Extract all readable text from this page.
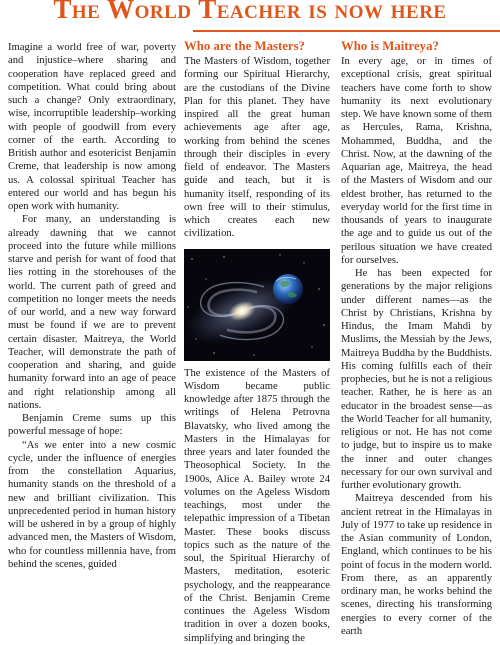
The World Teacher is now here

Imagine a world free of war, poverty and injustice–where sharing and cooperation have replaced greed and competition. What could bring about such a change? Only extraordinary, wise, incorruptible leadership–working with people of goodwill from every corner of the earth. According to British author and esotericist Benjamin Creme, that leadership is now among us. A colossal spiritual Teacher has entered our world and has begun his open work with humanity.

For many, an understanding is already dawning that we cannot proceed into the future while millions starve and perish for want of food that lies rotting in the storehouses of the world. The current path of greed and competition no longer meets the needs of our world, and a new way forward must be found if we are to prevent certain disaster. Maitreya, the World Teacher, will demonstrate the path of cooperation and sharing, and guide humanity forward into an age of peace and right relationship among all nations.

Benjamin Creme sums up this powerful message of hope:

“As we enter into a new cosmic cycle, under the influence of energies from the constellation Aquarius, humanity stands on the threshold of a new and brilliant civilization. This unprecedented period in human history will be ushered in by a group of highly advanced men, the Masters of Wisdom, who for countless millennia have, from behind the scenes, guided

Who are the Masters?

The Masters of Wisdom, together forming our Spiritual Hierarchy, are the custodians of the Divine Plan for this planet. They have inspired all the great human achievements age after age, working from behind the scenes through their disciples in every field of endeavor. The Masters guide and teach, but it is humanity itself, responding of its own free will to their stimulus, which creates each new civilization.

The existence of the Masters of Wisdom became public knowledge after 1875 through the writings of Helena Petrovna Blavatsky, who lived among the Masters in the Himalayas for three years and later founded the Theosophical Society. In the 1900s, Alice A. Bailey wrote 24 volumes on the Ageless Wisdom teachings, most under the telepathic impression of a Tibetan Master. These books discuss topics such as the nature of the soul, the Spiritual Hierarchy of Masters, meditation, esoteric psychology, and the reappearance of the Christ. Benjamin Creme continues the Ageless Wisdom tradition in over a dozen books, simplifying and bringing the

Who is Maitreya?

In every age, or in times of exceptional crisis, great spiritual teachers have come forth to show humanity its next evolutionary step. We have known some of them as Hercules, Rama, Krishna, Mohammed, Buddha, and the Christ. Now, at the dawning of the Aquarian age, Maitreya, the head of the Masters of Wisdom and our eldest brother, has returned to the everyday world for the first time in thousands of years to inaugurate the age and to guide us out of the perilous situation we have created for ourselves.

He has been expected for generations by the major religions under different names—as the Christ by Christians, Krishna by Hindus, the Imam Mahdi by Muslims, the Messiah by the Jews, Maitreya Buddha by the Buddhists. His coming fulfills each of their prophecies, but he is not a religious teacher. Rather, he is here as an educator in the broadest sense—as the World Teacher for all humanity, religious or not. He has not come to judge, but to inspire us to make the inner and outer changes necessary for our own survival and further evolutionary growth.

Maitreya descended from his ancient retreat in the Himalayas in July of 1977 to take up residence in the Asian community of London, England, which continues to be his point of focus in the modern world. From there, as an apparently ordinary man, he works behind the scenes, directing his transforming energies to every corner of the earth
